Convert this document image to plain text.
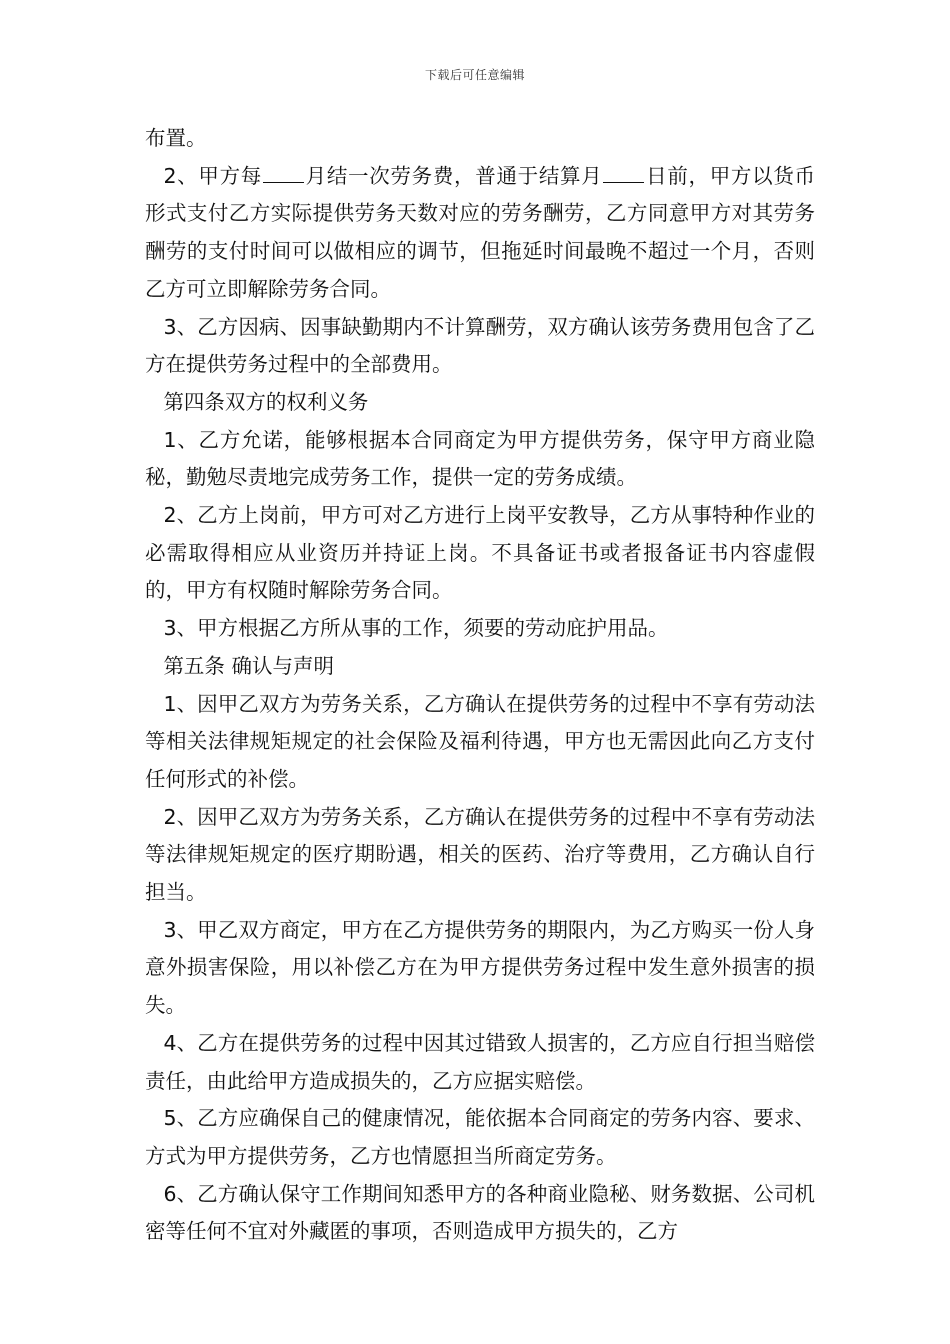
下载后可任意编辑

布置。

2、甲方每 月结一次劳务费，普通于结算月 日前，甲方以货币形式支付乙方实际提供劳务天数对应的劳务酬劳，乙方同意甲方对其劳务酬劳的支付时间可以做相应的调节，但拖延时间最晚不超过一个月，否则乙方可立即解除劳务合同。

3、乙方因病、因事缺勤期内不计算酬劳，双方确认该劳务费用包含了乙方在提供劳务过程中的全部费用。

第四条双方的权利义务

1、乙方允诺，能够根据本合同商定为甲方提供劳务，保守甲方商业隐秘，勤勉尽责地完成劳务工作，提供一定的劳务成绩。

2、乙方上岗前，甲方可对乙方进行上岗平安教导，乙方从事特种作业的必需取得相应从业资历并持证上岗。不具备证书或者报备证书内容虚假的，甲方有权随时解除劳务合同。

3、甲方根据乙方所从事的工作，须要的劳动庇护用品。

第五条 确认与声明

1、因甲乙双方为劳务关系，乙方确认在提供劳务的过程中不享有劳动法等相关法律规矩规定的社会保险及福利待遇，甲方也无需因此向乙方支付任何形式的补偿。

2、因甲乙双方为劳务关系，乙方确认在提供劳务的过程中不享有劳动法等法律规矩规定的医疗期盼遇，相关的医药、治疗等费用，乙方确认自行担当。

3、甲乙双方商定，甲方在乙方提供劳务的期限内，为乙方购买一份人身意外损害保险，用以补偿乙方在为甲方提供劳务过程中发生意外损害的损失。

4、乙方在提供劳务的过程中因其过错致人损害的，乙方应自行担当赔偿责任，由此给甲方造成损失的，乙方应据实赔偿。

5、乙方应确保自己的健康情况，能依据本合同商定的劳务内容、要求、方式为甲方提供劳务，乙方也情愿担当所商定劳务。

6、乙方确认保守工作期间知悉甲方的各种商业隐秘、财务数据、公司机密等任何不宜对外藏匿的事项，否则造成甲方损失的，乙方
